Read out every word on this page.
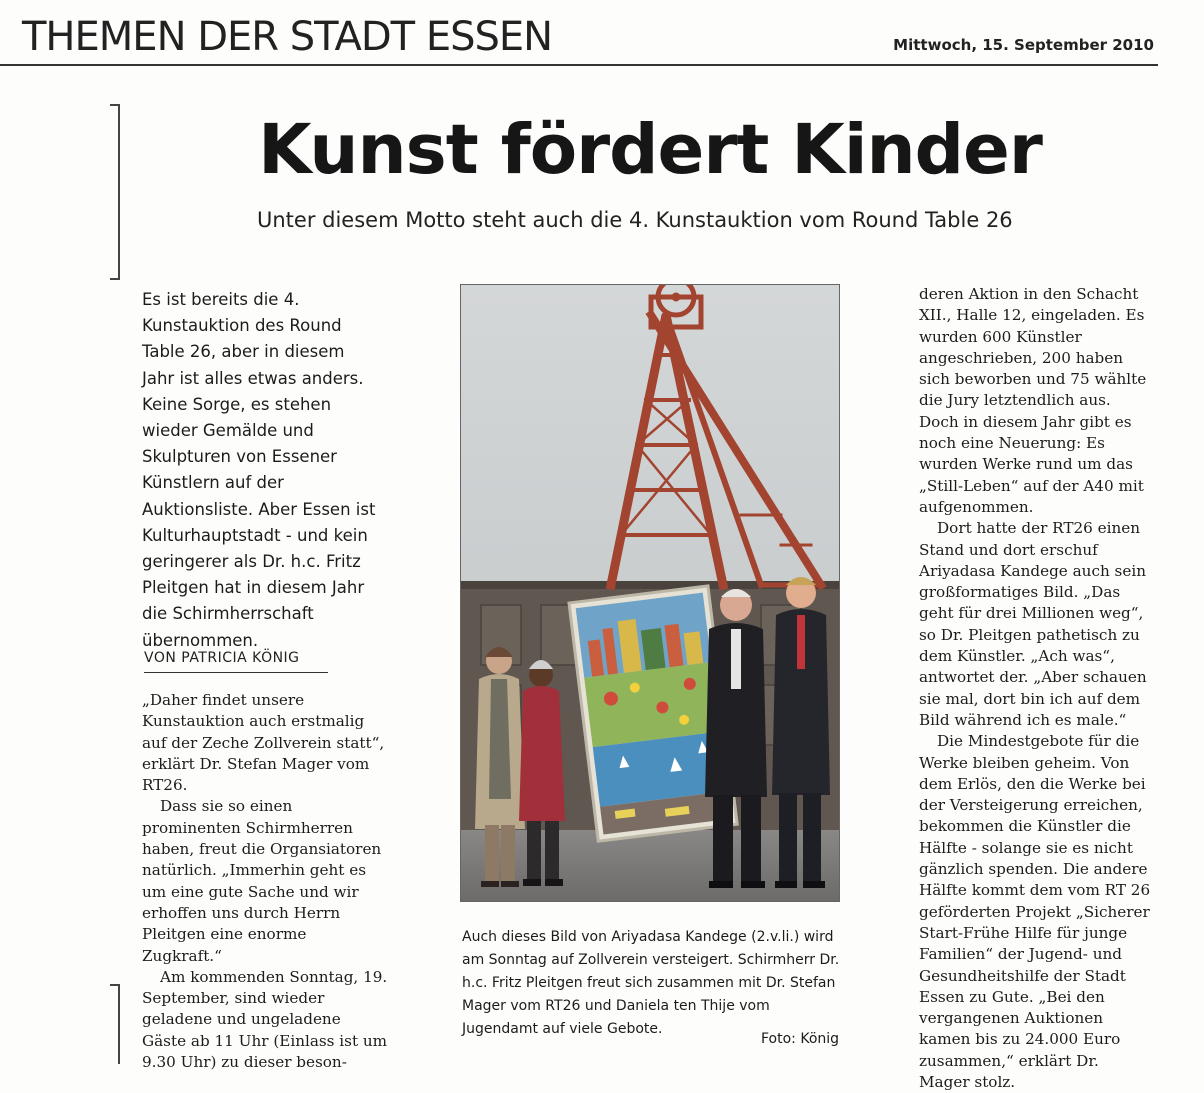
THEMEN DER STADT ESSEN	Mittwoch, 15. September 2010
Kunst fördert Kinder
Unter diesem Motto steht auch die 4. Kunstauktion vom Round Table 26

Es ist bereits die 4. Kunstauktion des Round Table 26, aber in diesem Jahr ist alles etwas anders. Keine Sorge, es stehen wieder Gemälde und Skulpturen von Essener Künstlern auf der Auktionsliste. Aber Essen ist Kulturhauptstadt - und kein geringerer als Dr. h.c. Fritz Pleitgen hat in diesem Jahr die Schirmherrschaft übernommen.

VON PATRICIA KÖNIG

„Daher findet unsere Kunstauktion auch erstmalig auf der Zeche Zollverein statt“, erklärt Dr. Stefan Mager vom RT26.

Dass sie so einen prominenten Schirmherren haben, freut die Organsiatoren natürlich. „Immerhin geht es um eine gute Sache und wir erhoffen uns durch Herrn Pleitgen eine enorme Zugkraft.“

Am kommenden Sonntag, 19. September, sind wieder geladene und ungeladene Gäste ab 11 Uhr (Einlass ist um 9.30 Uhr) zu dieser beson-

deren Aktion in den Schacht XII., Halle 12, eingeladen. Es wurden 600 Künstler angeschrieben, 200 haben sich beworben und 75 wählte die Jury letztendlich aus. Doch in diesem Jahr gibt es noch eine Neuerung: Es wurden Werke rund um das „Still-Leben“ auf der A40 mit aufgenommen.

Dort hatte der RT26 einen Stand und dort erschuf Ariyadasa Kandege auch sein großformatiges Bild. „Das geht für drei Millionen weg“, so Dr. Pleitgen pathetisch zu dem Künstler. „Ach was“, antwortet der. „Aber schauen sie mal, dort bin ich auf dem Bild während ich es male.“

Die Mindestgebote für die Werke bleiben geheim. Von dem Erlös, den die Werke bei der Versteigerung erreichen, bekommen die Künstler die Hälfte - solange sie es nicht gänzlich spenden. Die andere Hälfte kommt dem vom RT 26 geförderten Projekt „Sicherer Start-Frühe Hilfe für junge Familien“ der Jugend- und Gesundheitshilfe der Stadt Essen zu Gute. „Bei den vergangenen Auktionen kamen bis zu 24.000 Euro zusammen,“ erklärt Dr. Mager stolz.

Auch dieses Bild von Ariyadasa Kandege (2.v.li.) wird am Sonntag auf Zollverein versteigert. Schirmherr Dr. h.c. Fritz Pleitgen freut sich zusammen mit Dr. Stefan Mager vom RT26 und Daniela ten Thije vom Jugendamt auf viele Gebote.

Foto: König
